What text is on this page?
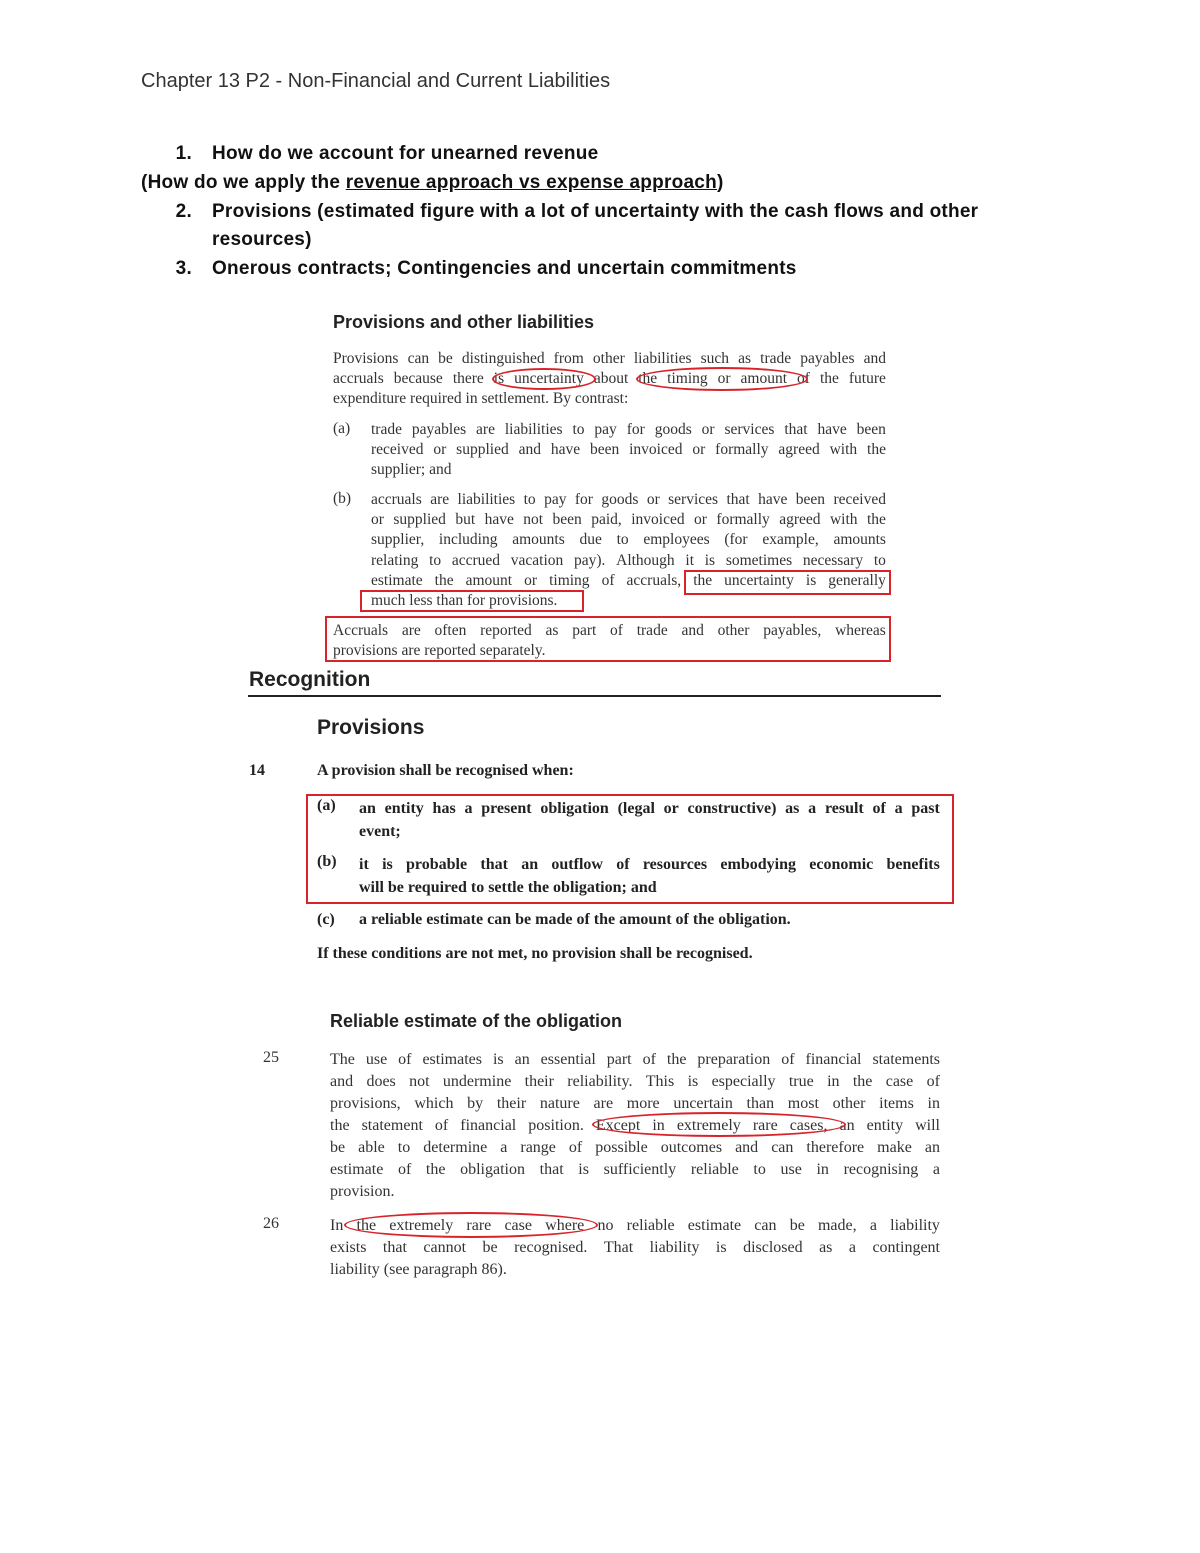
Chapter 13 P2 - Non-Financial and Current Liabilities
1. How do we account for unearned revenue
(How do we apply the revenue approach vs expense approach)
2. Provisions (estimated figure with a lot of uncertainty with the cash flows and other
resources)
3. Onerous contracts; Contingencies and uncertain commitments
Provisions and other liabilities
Provisions can be distinguished from other liabilities such as trade payables and
accruals because there is uncertainty about the timing or amount of the future
expenditure required in settlement. By contrast:
(a) trade payables are liabilities to pay for goods or services that have been
received or supplied and have been invoiced or formally agreed with the
supplier; and
(b) accruals are liabilities to pay for goods or services that have been received
or supplied but have not been paid, invoiced or formally agreed with the
supplier, including amounts due to employees (for example, amounts
relating to accrued vacation pay). Although it is sometimes necessary to
estimate the amount or timing of accruals, the uncertainty is generally
much less than for provisions.
Accruals are often reported as part of trade and other payables, whereas
provisions are reported separately.
Recognition
Provisions
14	A provision shall be recognised when:
(a) an entity has a present obligation (legal or constructive) as a result of a past
event;
(b) it is probable that an outflow of resources embodying economic benefits
will be required to settle the obligation; and
(c) a reliable estimate can be made of the amount of the obligation.
If these conditions are not met, no provision shall be recognised.
Reliable estimate of the obligation
25	The use of estimates is an essential part of the preparation of financial statements
and does not undermine their reliability. This is especially true in the case of
provisions, which by their nature are more uncertain than most other items in
the statement of financial position. Except in extremely rare cases, an entity will
be able to determine a range of possible outcomes and can therefore make an
estimate of the obligation that is sufficiently reliable to use in recognising a
provision.
26	In the extremely rare case where no reliable estimate can be made, a liability
exists that cannot be recognised. That liability is disclosed as a contingent
liability (see paragraph 86).
